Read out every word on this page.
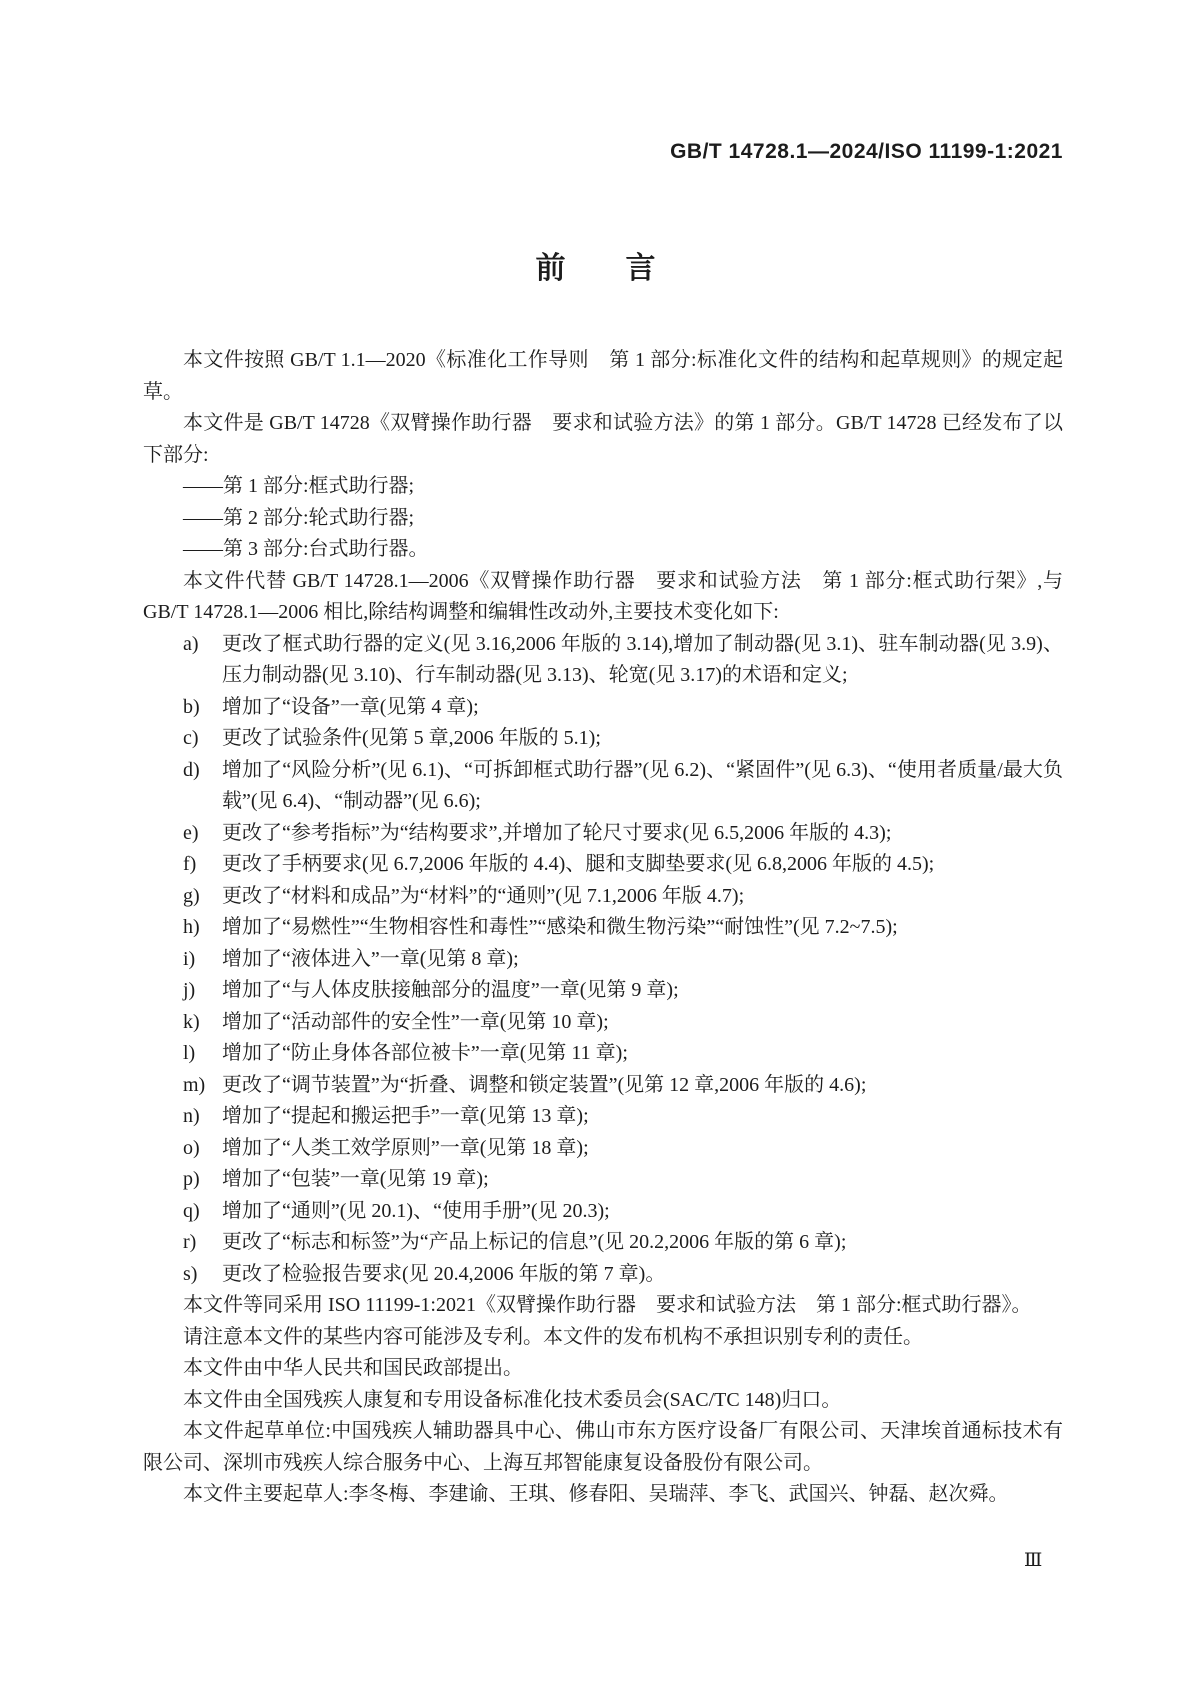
GB/T 14728.1—2024/ISO 11199-1:2021
前　　言

本文件按照 GB/T 1.1—2020《标准化工作导则　第 1 部分:标准化文件的结构和起草规则》的规定起草。

本文件是 GB/T 14728《双臂操作助行器　要求和试验方法》的第 1 部分。GB/T 14728 已经发布了以下部分:

——第 1 部分:框式助行器;

——第 2 部分:轮式助行器;

——第 3 部分:台式助行器。

本文件代替 GB/T 14728.1—2006《双臂操作助行器　要求和试验方法　第 1 部分:框式助行架》,与 GB/T 14728.1—2006 相比,除结构调整和编辑性改动外,主要技术变化如下:

a) 更改了框式助行器的定义(见 3.16,2006 年版的 3.14),增加了制动器(见 3.1)、驻车制动器(见 3.9)、压力制动器(见 3.10)、行车制动器(见 3.13)、轮宽(见 3.17)的术语和定义;

b) 增加了“设备”一章(见第 4 章);

c) 更改了试验条件(见第 5 章,2006 年版的 5.1);

d) 增加了“风险分析”(见 6.1)、“可拆卸框式助行器”(见 6.2)、“紧固件”(见 6.3)、“使用者质量/最大负载”(见 6.4)、“制动器”(见 6.6);

e) 更改了“参考指标”为“结构要求”,并增加了轮尺寸要求(见 6.5,2006 年版的 4.3);

f) 更改了手柄要求(见 6.7,2006 年版的 4.4)、腿和支脚垫要求(见 6.8,2006 年版的 4.5);

g) 更改了“材料和成品”为“材料”的“通则”(见 7.1,2006 年版 4.7);

h) 增加了“易燃性”“生物相容性和毒性”“感染和微生物污染”“耐蚀性”(见 7.2~7.5);

i) 增加了“液体进入”一章(见第 8 章);

j) 增加了“与人体皮肤接触部分的温度”一章(见第 9 章);

k) 增加了“活动部件的安全性”一章(见第 10 章);

l) 增加了“防止身体各部位被卡”一章(见第 11 章);

m) 更改了“调节装置”为“折叠、调整和锁定装置”(见第 12 章,2006 年版的 4.6);

n) 增加了“提起和搬运把手”一章(见第 13 章);

o) 增加了“人类工效学原则”一章(见第 18 章);

p) 增加了“包装”一章(见第 19 章);

q) 增加了“通则”(见 20.1)、“使用手册”(见 20.3);

r) 更改了“标志和标签”为“产品上标记的信息”(见 20.2,2006 年版的第 6 章);

s) 更改了检验报告要求(见 20.4,2006 年版的第 7 章)。

本文件等同采用 ISO 11199-1:2021《双臂操作助行器　要求和试验方法　第 1 部分:框式助行器》。

请注意本文件的某些内容可能涉及专利。本文件的发布机构不承担识别专利的责任。

本文件由中华人民共和国民政部提出。

本文件由全国残疾人康复和专用设备标准化技术委员会(SAC/TC 148)归口。

本文件起草单位:中国残疾人辅助器具中心、佛山市东方医疗设备厂有限公司、天津埃首通标技术有限公司、深圳市残疾人综合服务中心、上海互邦智能康复设备股份有限公司。

本文件主要起草人:李冬梅、李建谕、王琪、修春阳、吴瑞萍、李飞、武国兴、钟磊、赵次舜。

Ⅲ
